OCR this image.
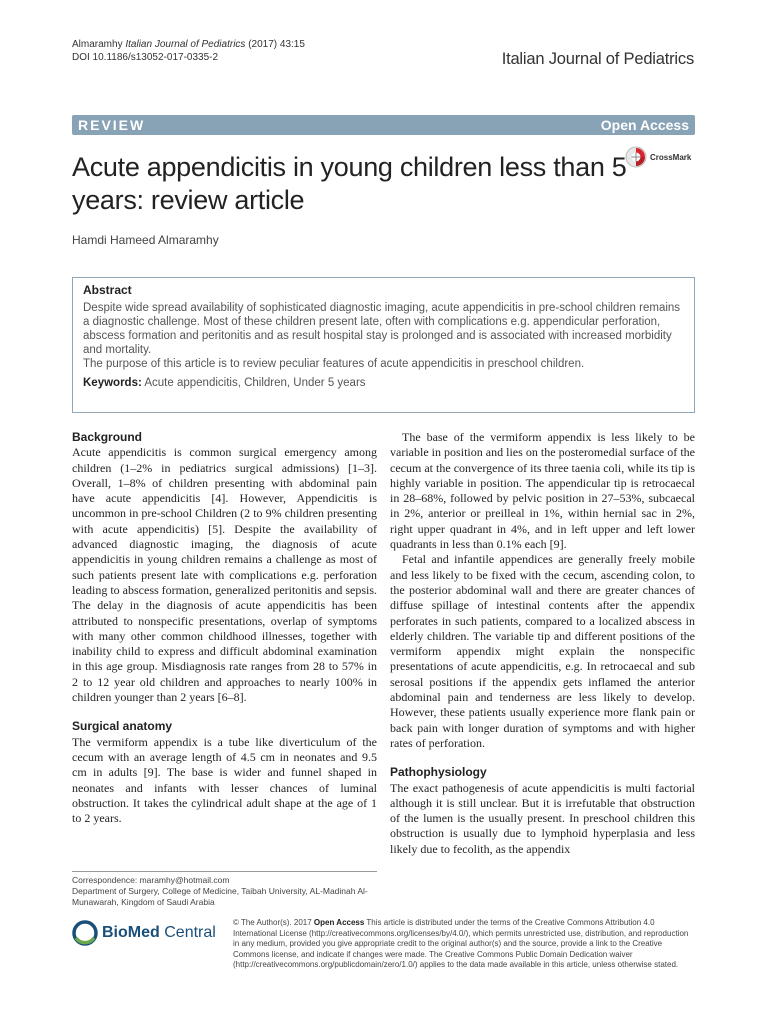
Almaramhy Italian Journal of Pediatrics (2017) 43:15
DOI 10.1186/s13052-017-0335-2	Italian Journal of Pediatrics
REVIEW	Open Access
Acute appendicitis in young children less than 5 years: review article
Hamdi Hameed Almaramhy
CrossMark
Abstract

Despite wide spread availability of sophisticated diagnostic imaging, acute appendicitis in pre-school children remains a diagnostic challenge. Most of these children present late, often with complications e.g. appendicular perforation, abscess formation and peritonitis and as result hospital stay is prolonged and is associated with increased morbidity and mortality.

The purpose of this article is to review peculiar features of acute appendicitis in preschool children.

Keywords: Acute appendicitis, Children, Under 5 years

Background

Acute appendicitis is common surgical emergency among children (1–2% in pediatrics surgical admissions) [1–3]. Overall, 1–8% of children presenting with abdominal pain have acute appendicitis [4]. However, Appendicitis is uncommon in pre-school Children (2 to 9% children presenting with acute appendicitis) [5]. Despite the availability of advanced diagnostic imaging, the diagnosis of acute appendicitis in young children remains a challenge as most of such patients present late with complications e.g. perforation leading to abscess formation, generalized peritonitis and sepsis. The delay in the diagnosis of acute appendicitis has been attributed to nonspecific presentations, overlap of symptoms with many other common childhood illnesses, together with inability child to express and difficult abdominal examination in this age group. Misdiagnosis rate ranges from 28 to 57% in 2 to 12 year old children and approaches to nearly 100% in children younger than 2 years [6–8].

Surgical anatomy

The vermiform appendix is a tube like diverticulum of the cecum with an average length of 4.5 cm in neonates and 9.5 cm in adults [9]. The base is wider and funnel shaped in neonates and infants with lesser chances of luminal obstruction. It takes the cylindrical adult shape at the age of 1 to 2 years.

The base of the vermiform appendix is less likely to be variable in position and lies on the posteromedial surface of the cecum at the convergence of its three taenia coli, while its tip is highly variable in position. The appendicular tip is retrocaecal in 28–68%, followed by pelvic position in 27–53%, subcaecal in 2%, anterior or preilleal in 1%, within hernial sac in 2%, right upper quadrant in 4%, and in left upper and left lower quadrants in less than 0.1% each [9].

Fetal and infantile appendices are generally freely mobile and less likely to be fixed with the cecum, ascending colon, to the posterior abdominal wall and there are greater chances of diffuse spillage of intestinal contents after the appendix perforates in such patients, compared to a localized abscess in elderly children. The variable tip and different positions of the vermiform appendix might explain the nonspecific presentations of acute appendicitis, e.g. In retrocaecal and sub serosal positions if the appendix gets inflamed the anterior abdominal pain and tenderness are less likely to develop. However, these patients usually experience more flank pain or back pain with longer duration of symptoms and with higher rates of perforation.

Pathophysiology

The exact pathogenesis of acute appendicitis is multi factorial although it is still unclear. But it is irrefutable that obstruction of the lumen is the usually present. In preschool children this obstruction is usually due to lymphoid hyperplasia and less likely due to fecolith, as the appendix

Correspondence: maramhy@hotmail.com
Department of Surgery, College of Medicine, Taibah University, AL-Madinah Al-Munawarah, Kingdom of Saudi Arabia
BioMed Central
© The Author(s). 2017 Open Access This article is distributed under the terms of the Creative Commons Attribution 4.0 International License (http://creativecommons.org/licenses/by/4.0/), which permits unrestricted use, distribution, and reproduction in any medium, provided you give appropriate credit to the original author(s) and the source, provide a link to the Creative Commons license, and indicate if changes were made. The Creative Commons Public Domain Dedication waiver (http://creativecommons.org/publicdomain/zero/1.0/) applies to the data made available in this article, unless otherwise stated.
